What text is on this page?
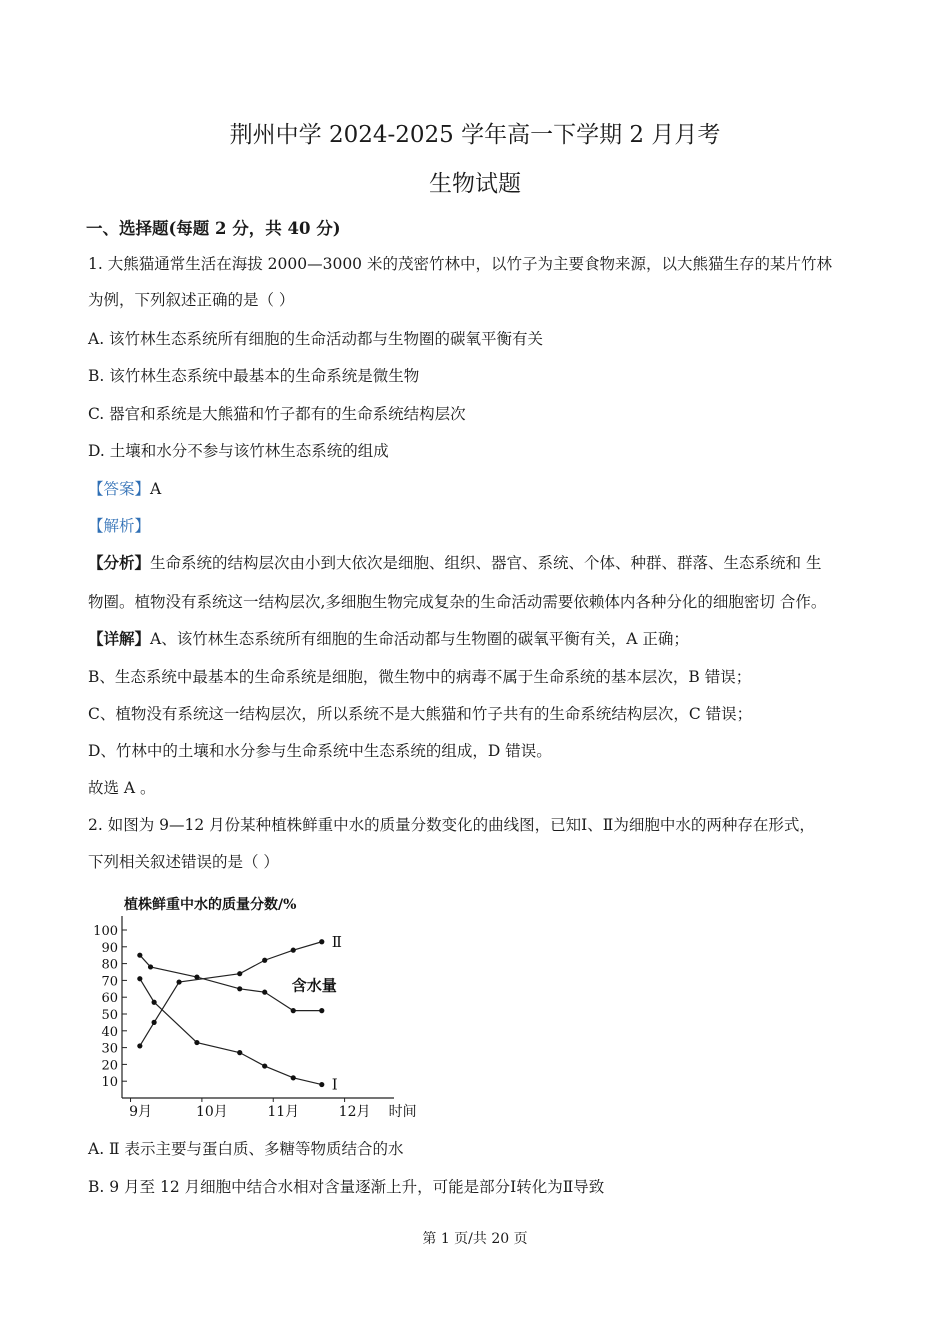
荆州中学 2024-2025 学年高一下学期 2 月月考
生物试题
一、选择题(每题 2 分，共 40 分)
1. 大熊猫通常生活在海拔 2000—3000 米的茂密竹林中，以竹子为主要食物来源，以大熊猫生存的某片竹林
为例，下列叙述正确的是（ ）
A. 该竹林生态系统所有细胞的生命活动都与生物圈的碳氧平衡有关
B. 该竹林生态系统中最基本的生命系统是微生物
C. 器官和系统是大熊猫和竹子都有的生命系统结构层次
D. 土壤和水分不参与该竹林生态系统的组成
【答案】A
【解析】
【分析】生命系统的结构层次由小到大依次是细胞、组织、器官、系统、个体、种群、群落、生态系统和 生
物圈。植物没有系统这一结构层次,多细胞生物完成复杂的生命活动需要依赖体内各种分化的细胞密切 合作。
【详解】A、该竹林生态系统所有细胞的生命活动都与生物圈的碳氧平衡有关，A 正确；
B、生态系统中最基本的生命系统是细胞，微生物中的病毒不属于生命系统的基本层次，B 错误；
C、植物没有系统这一结构层次，所以系统不是大熊猫和竹子共有的生命系统结构层次，C 错误；
D、竹林中的土壤和水分参与生命系统中生态系统的组成，D 错误。
故选 A 。
2. 如图为 9—12 月份某种植株鲜重中水的质量分数变化的曲线图，已知Ⅰ、Ⅱ为细胞中水的两种存在形式，
下列相关叙述错误的是（ ）
植株鲜重中水的质量分数/%
10
20
30
40
50
60
70
80
90
100
9月	10月	11月	12月 时间
含水量
Ⅱ
Ⅰ
A. Ⅱ 表示主要与蛋白质、多糖等物质结合的水
B. 9 月至 12 月细胞中结合水相对含量逐渐上升，可能是部分Ⅰ转化为Ⅱ导致
第 1 页/共 20 页
